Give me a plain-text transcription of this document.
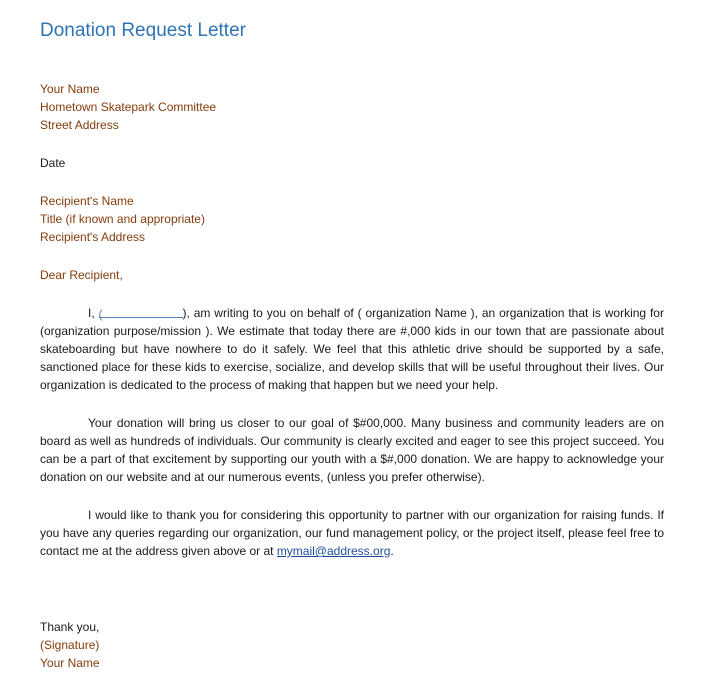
Donation Request Letter
Your Name
Hometown Skatepark Committee
Street Address
Date
Recipient's Name
Title (if known and appropriate)
Recipient's Address
Dear Recipient,
I, (	), am writing to you on behalf of ( organization Name ), an organization that is working for (organization purpose/mission ). We estimate that today there are #,000 kids in our town that are passionate about skateboarding but have nowhere to do it safely. We feel that this athletic drive should be supported by a safe, sanctioned place for these kids to exercise, socialize, and develop skills that will be useful throughout their lives. Our organization is dedicated to the process of making that happen but we need your help.
Your donation will bring us closer to our goal of $#00,000. Many business and community leaders are on board as well as hundreds of individuals. Our community is clearly excited and eager to see this project succeed. You can be a part of that excitement by supporting our youth with a $#,000 donation. We are happy to acknowledge your donation on our website and at our numerous events, (unless you prefer otherwise).
I would like to thank you for considering this opportunity to partner with our organization for raising funds. If you have any queries regarding our organization, our fund management policy, or the project itself, please feel free to contact me at the address given above or at mymail@address.org.
Thank you,
(Signature)
Your Name
